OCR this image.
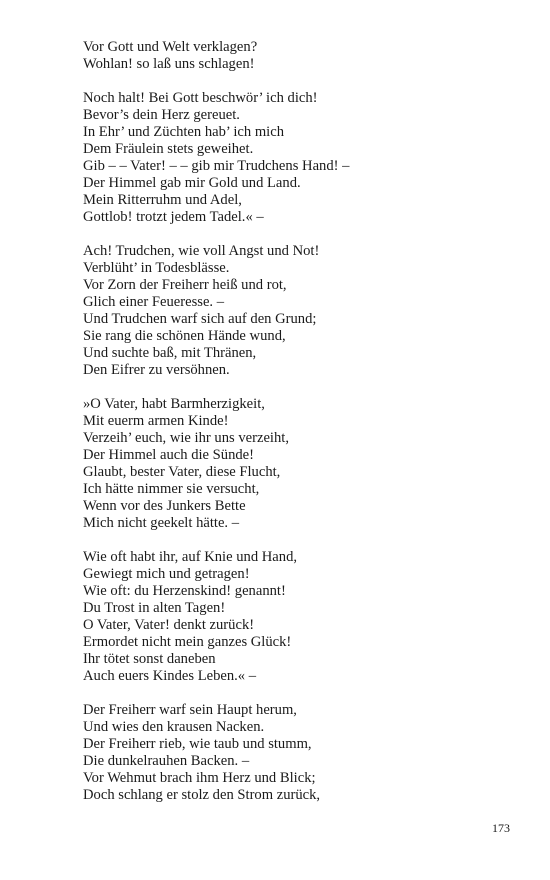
Vor Gott und Welt verklagen?
Wohlan! so laß uns schlagen!
Noch halt! Bei Gott beschwör’ ich dich!
Bevor’s dein Herz gereuet.
In Ehr’ und Züchten hab’ ich mich
Dem Fräulein stets geweihet.
Gib – – Vater! – – gib mir Trudchens Hand! –
Der Himmel gab mir Gold und Land.
Mein Ritterruhm und Adel,
Gottlob! trotzt jedem Tadel.« –
Ach! Trudchen, wie voll Angst und Not!
Verblüht’ in Todesblässe.
Vor Zorn der Freiherr heiß und rot,
Glich einer Feueresse. –
Und Trudchen warf sich auf den Grund;
Sie rang die schönen Hände wund,
Und suchte baß, mit Thränen,
Den Eifrer zu versöhnen.
»O Vater, habt Barmherzigkeit,
Mit euerm armen Kinde!
Verzeih’ euch, wie ihr uns verzeiht,
Der Himmel auch die Sünde!
Glaubt, bester Vater, diese Flucht,
Ich hätte nimmer sie versucht,
Wenn vor des Junkers Bette
Mich nicht geekelt hätte. –
Wie oft habt ihr, auf Knie und Hand,
Gewiegt mich und getragen!
Wie oft: du Herzenskind! genannt!
Du Trost in alten Tagen!
O Vater, Vater! denkt zurück!
Ermordet nicht mein ganzes Glück!
Ihr tötet sonst daneben
Auch euers Kindes Leben.« –
Der Freiherr warf sein Haupt herum,
Und wies den krausen Nacken.
Der Freiherr rieb, wie taub und stumm,
Die dunkelrauhen Backen. –
Vor Wehmut brach ihm Herz und Blick;
Doch schlang er stolz den Strom zurück,
173
